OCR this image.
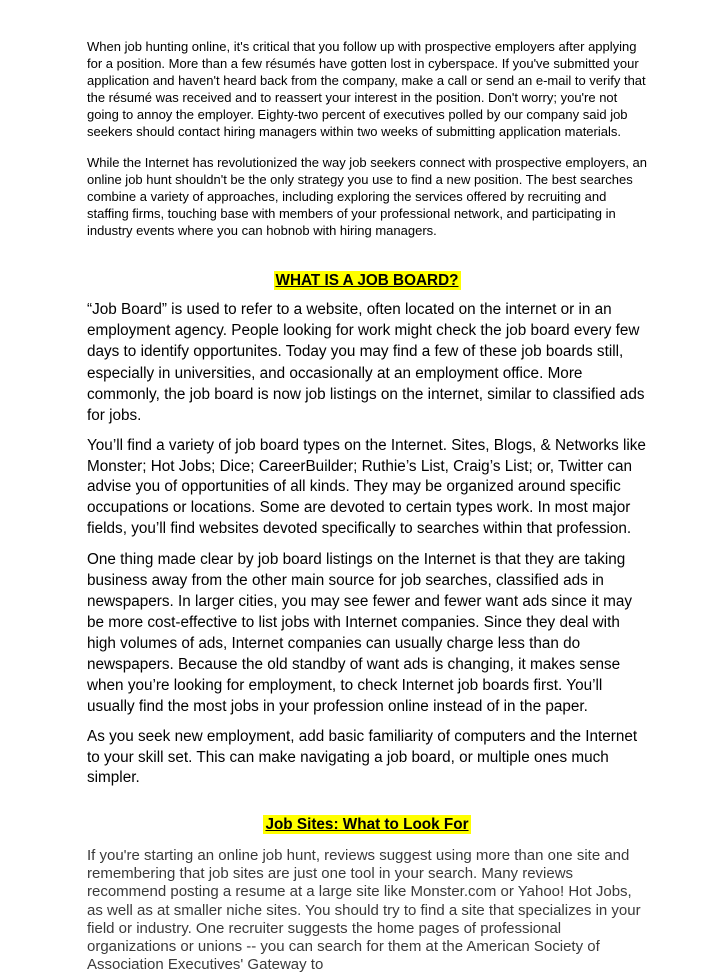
When job hunting online, it's critical that you follow up with prospective employers after applying for a position. More than a few résumés have gotten lost in cyberspace. If you've submitted your application and haven't heard back from the company, make a call or send an e-mail to verify that the résumé was received and to reassert your interest in the position. Don't worry; you're not going to annoy the employer. Eighty-two percent of executives polled by our company said job seekers should contact hiring managers within two weeks of submitting application materials.

While the Internet has revolutionized the way job seekers connect with prospective employers, an online job hunt shouldn't be the only strategy you use to find a new position. The best searches combine a variety of approaches, including exploring the services offered by recruiting and staffing firms, touching base with members of your professional network, and participating in industry events where you can hobnob with hiring managers.

WHAT IS A JOB BOARD?

“Job Board” is used to refer to a website, often located on the internet or in an employment agency. People looking for work might check the job board every few days to identify opportunites. Today you may find a few of these job boards still, especially in universities, and occasionally at an employment office. More commonly, the job board is now job listings on the internet, similar to classified ads for jobs.

You’ll find a variety of job board types on the Internet. Sites, Blogs, & Networks like Monster; Hot Jobs; Dice; CareerBuilder; Ruthie’s List, Craig’s List; or, Twitter can advise you of opportunities of all kinds. They may be organized around specific occupations or locations. Some are devoted to certain types work. In most major fields, you’ll find websites devoted specifically to searches within that profession.

One thing made clear by job board listings on the Internet is that they are taking business away from the other main source for job searches, classified ads in newspapers. In larger cities, you may see fewer and fewer want ads since it may be more cost-effective to list jobs with Internet companies. Since they deal with high volumes of ads, Internet companies can usually charge less than do newspapers. Because the old standby of want ads is changing, it makes sense when you’re looking for employment, to check Internet job boards first. You’ll usually find the most jobs in your profession online instead of in the paper.

As you seek new employment, add basic familiarity of computers and the Internet to your skill set. This can make navigating a job board, or multiple ones much simpler.

Job Sites: What to Look For

If you're starting an online job hunt, reviews suggest using more than one site and remembering that job sites are just one tool in your search. Many reviews recommend posting a resume at a large site like Monster.com or Yahoo! Hot Jobs, as well as at smaller niche sites. You should try to find a site that specializes in your field or industry. One recruiter suggests the home pages of professional organizations or unions -- you can search for them at the American Society of Association Executives' Gateway to
